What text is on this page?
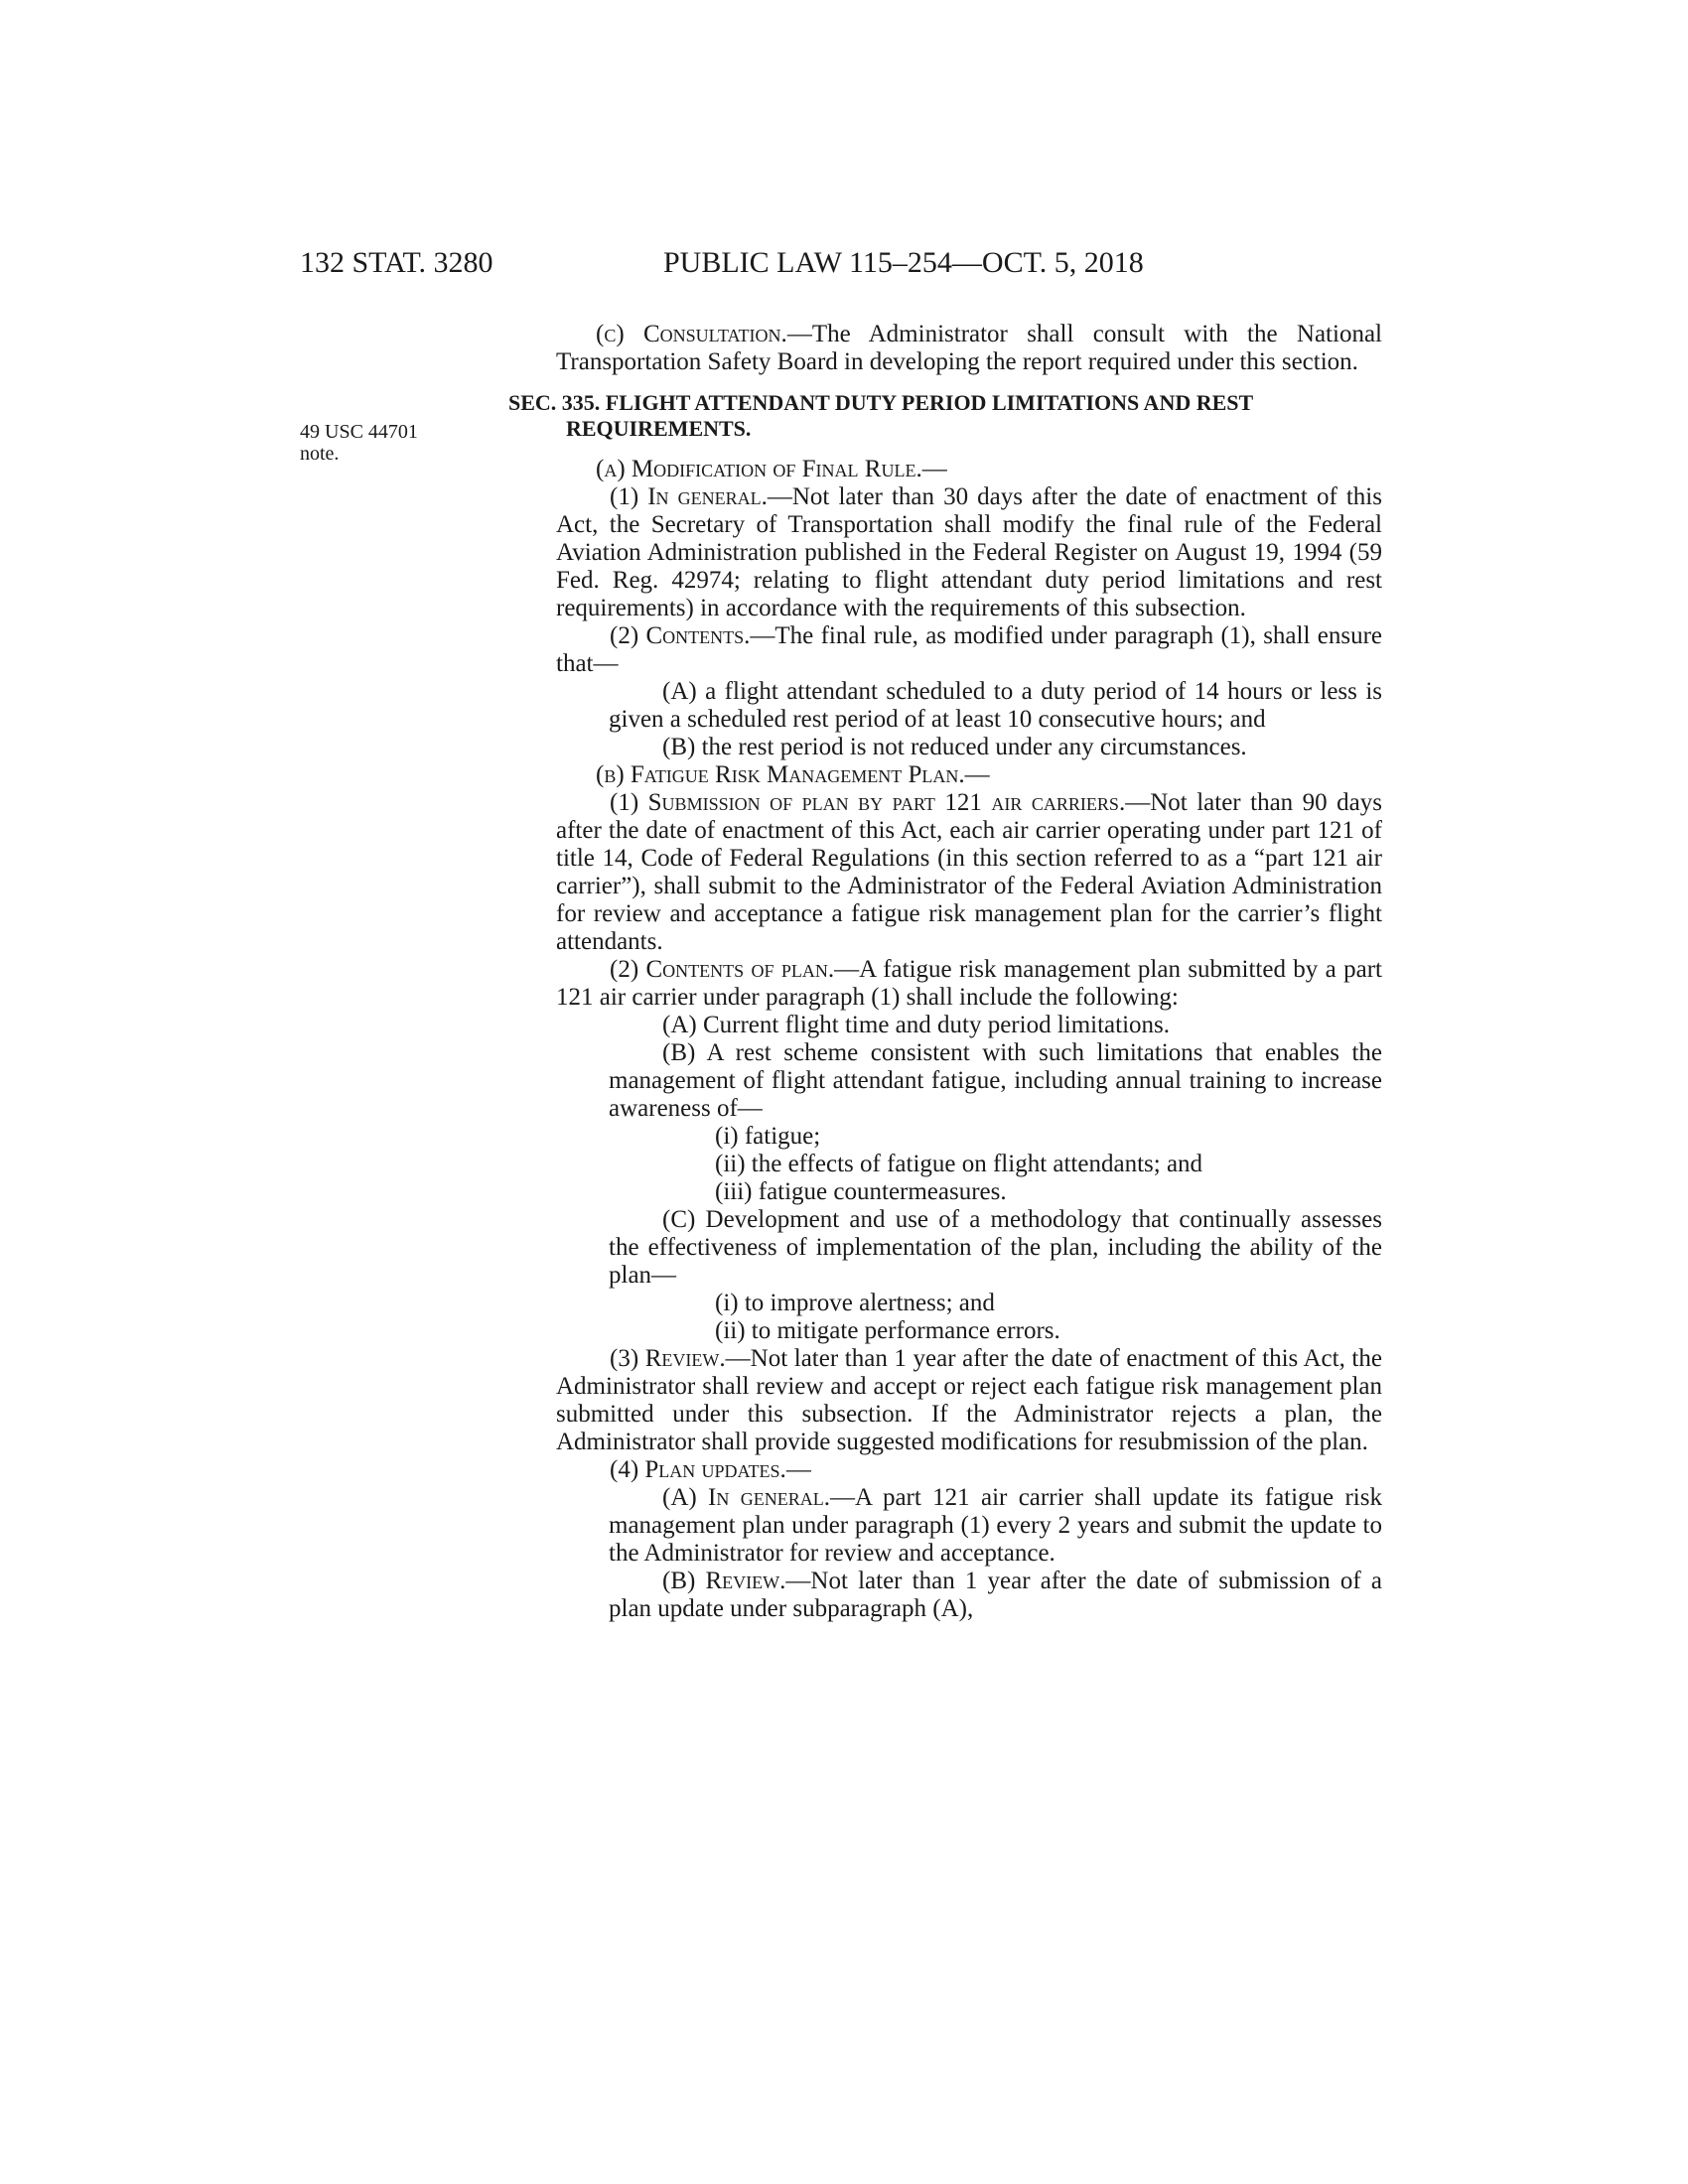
132 STAT. 3280	PUBLIC LAW 115–254—OCT. 5, 2018
49 USC 44701
note.

(c) Consultation.—The Administrator shall consult with the National Transportation Safety Board in developing the report required under this section.

SEC. 335. FLIGHT ATTENDANT DUTY PERIOD LIMITATIONS AND REST REQUIREMENTS.

(a) Modification of Final Rule.—

(1) In general.—Not later than 30 days after the date of enactment of this Act, the Secretary of Transportation shall modify the final rule of the Federal Aviation Administration published in the Federal Register on August 19, 1994 (59 Fed. Reg. 42974; relating to flight attendant duty period limitations and rest requirements) in accordance with the requirements of this subsection.

(2) Contents.—The final rule, as modified under paragraph (1), shall ensure that—

(A) a flight attendant scheduled to a duty period of 14 hours or less is given a scheduled rest period of at least 10 consecutive hours; and

(B) the rest period is not reduced under any circumstances.

(b) Fatigue Risk Management Plan.—

(1) Submission of plan by part 121 air carriers.—Not later than 90 days after the date of enactment of this Act, each air carrier operating under part 121 of title 14, Code of Federal Regulations (in this section referred to as a “part 121 air carrier”), shall submit to the Administrator of the Federal Aviation Administration for review and acceptance a fatigue risk management plan for the carrier’s flight attendants.

(2) Contents of plan.—A fatigue risk management plan submitted by a part 121 air carrier under paragraph (1) shall include the following:

(A) Current flight time and duty period limitations.

(B) A rest scheme consistent with such limitations that enables the management of flight attendant fatigue, including annual training to increase awareness of—

(i) fatigue;

(ii) the effects of fatigue on flight attendants; and

(iii) fatigue countermeasures.

(C) Development and use of a methodology that continually assesses the effectiveness of implementation of the plan, including the ability of the plan—

(i) to improve alertness; and

(ii) to mitigate performance errors.

(3) Review.—Not later than 1 year after the date of enactment of this Act, the Administrator shall review and accept or reject each fatigue risk management plan submitted under this subsection. If the Administrator rejects a plan, the Administrator shall provide suggested modifications for resubmission of the plan.

(4) Plan updates.—

(A) In general.—A part 121 air carrier shall update its fatigue risk management plan under paragraph (1) every 2 years and submit the update to the Administrator for review and acceptance.

(B) Review.—Not later than 1 year after the date of submission of a plan update under subparagraph (A),
